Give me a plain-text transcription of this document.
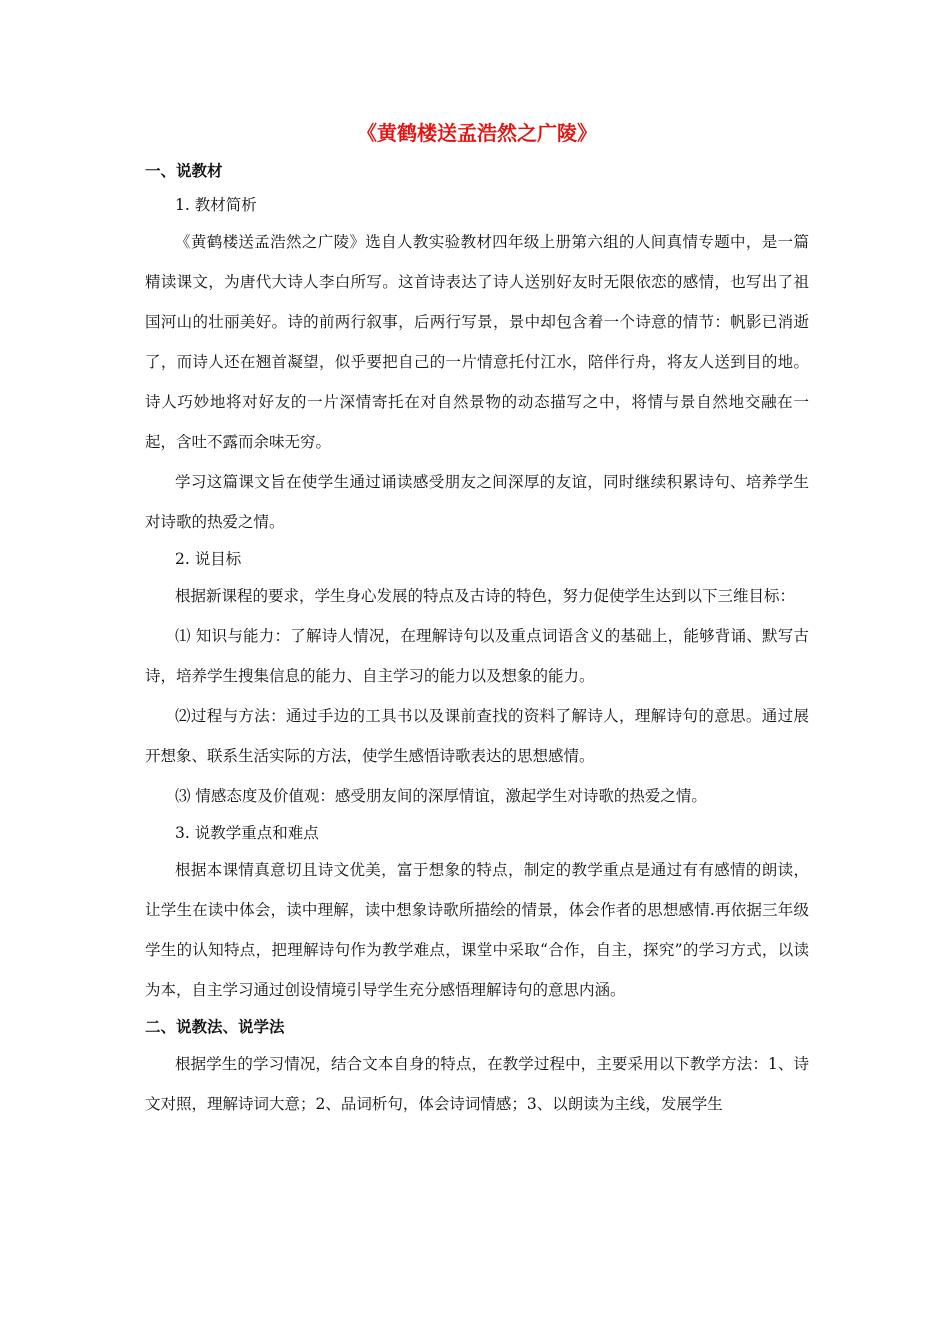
《黄鹤楼送孟浩然之广陵》
一、说教材

1. 教材简析

《黄鹤楼送孟浩然之广陵》选自人教实验教材四年级上册第六组的人间真情专题中，是一篇精读课文，为唐代大诗人李白所写。这首诗表达了诗人送别好友时无限依恋的感情，也写出了祖国河山的壮丽美好。诗的前两行叙事，后两行写景，景中却包含着一个诗意的情节：帆影已消逝了，而诗人还在翘首凝望，似乎要把自己的一片情意托付江水，陪伴行舟，将友人送到目的地。诗人巧妙地将对好友的一片深情寄托在对自然景物的动态描写之中，将情与景自然地交融在一起，含吐不露而余味无穷。

学习这篇课文旨在使学生通过诵读感受朋友之间深厚的友谊，同时继续积累诗句、培养学生对诗歌的热爱之情。

2. 说目标

根据新课程的要求，学生身心发展的特点及古诗的特色，努力促使学生达到以下三维目标：

⑴ 知识与能力：了解诗人情况，在理解诗句以及重点词语含义的基础上，能够背诵、默写古诗，培养学生搜集信息的能力、自主学习的能力以及想象的能力。

⑵过程与方法：通过手边的工具书以及课前查找的资料了解诗人，理解诗句的意思。通过展开想象、联系生活实际的方法，使学生感悟诗歌表达的思想感情。

⑶ 情感态度及价值观：感受朋友间的深厚情谊，激起学生对诗歌的热爱之情。

3. 说教学重点和难点

根据本课情真意切且诗文优美，富于想象的特点，制定的教学重点是通过有有感情的朗读，让学生在读中体会，读中理解，读中想象诗歌所描绘的情景，体会作者的思想感情.再依据三年级学生的认知特点，把理解诗句作为教学难点，课堂中采取“合作，自主，探究”的学习方式，以读为本，自主学习通过创设情境引导学生充分感悟理解诗句的意思内涵。

二、说教法、说学法

根据学生的学习情况，结合文本自身的特点，在教学过程中，主要采用以下教学方法：1、诗文对照，理解诗词大意；2、品词析句，体会诗词情感；3、以朗读为主线，发展学生
